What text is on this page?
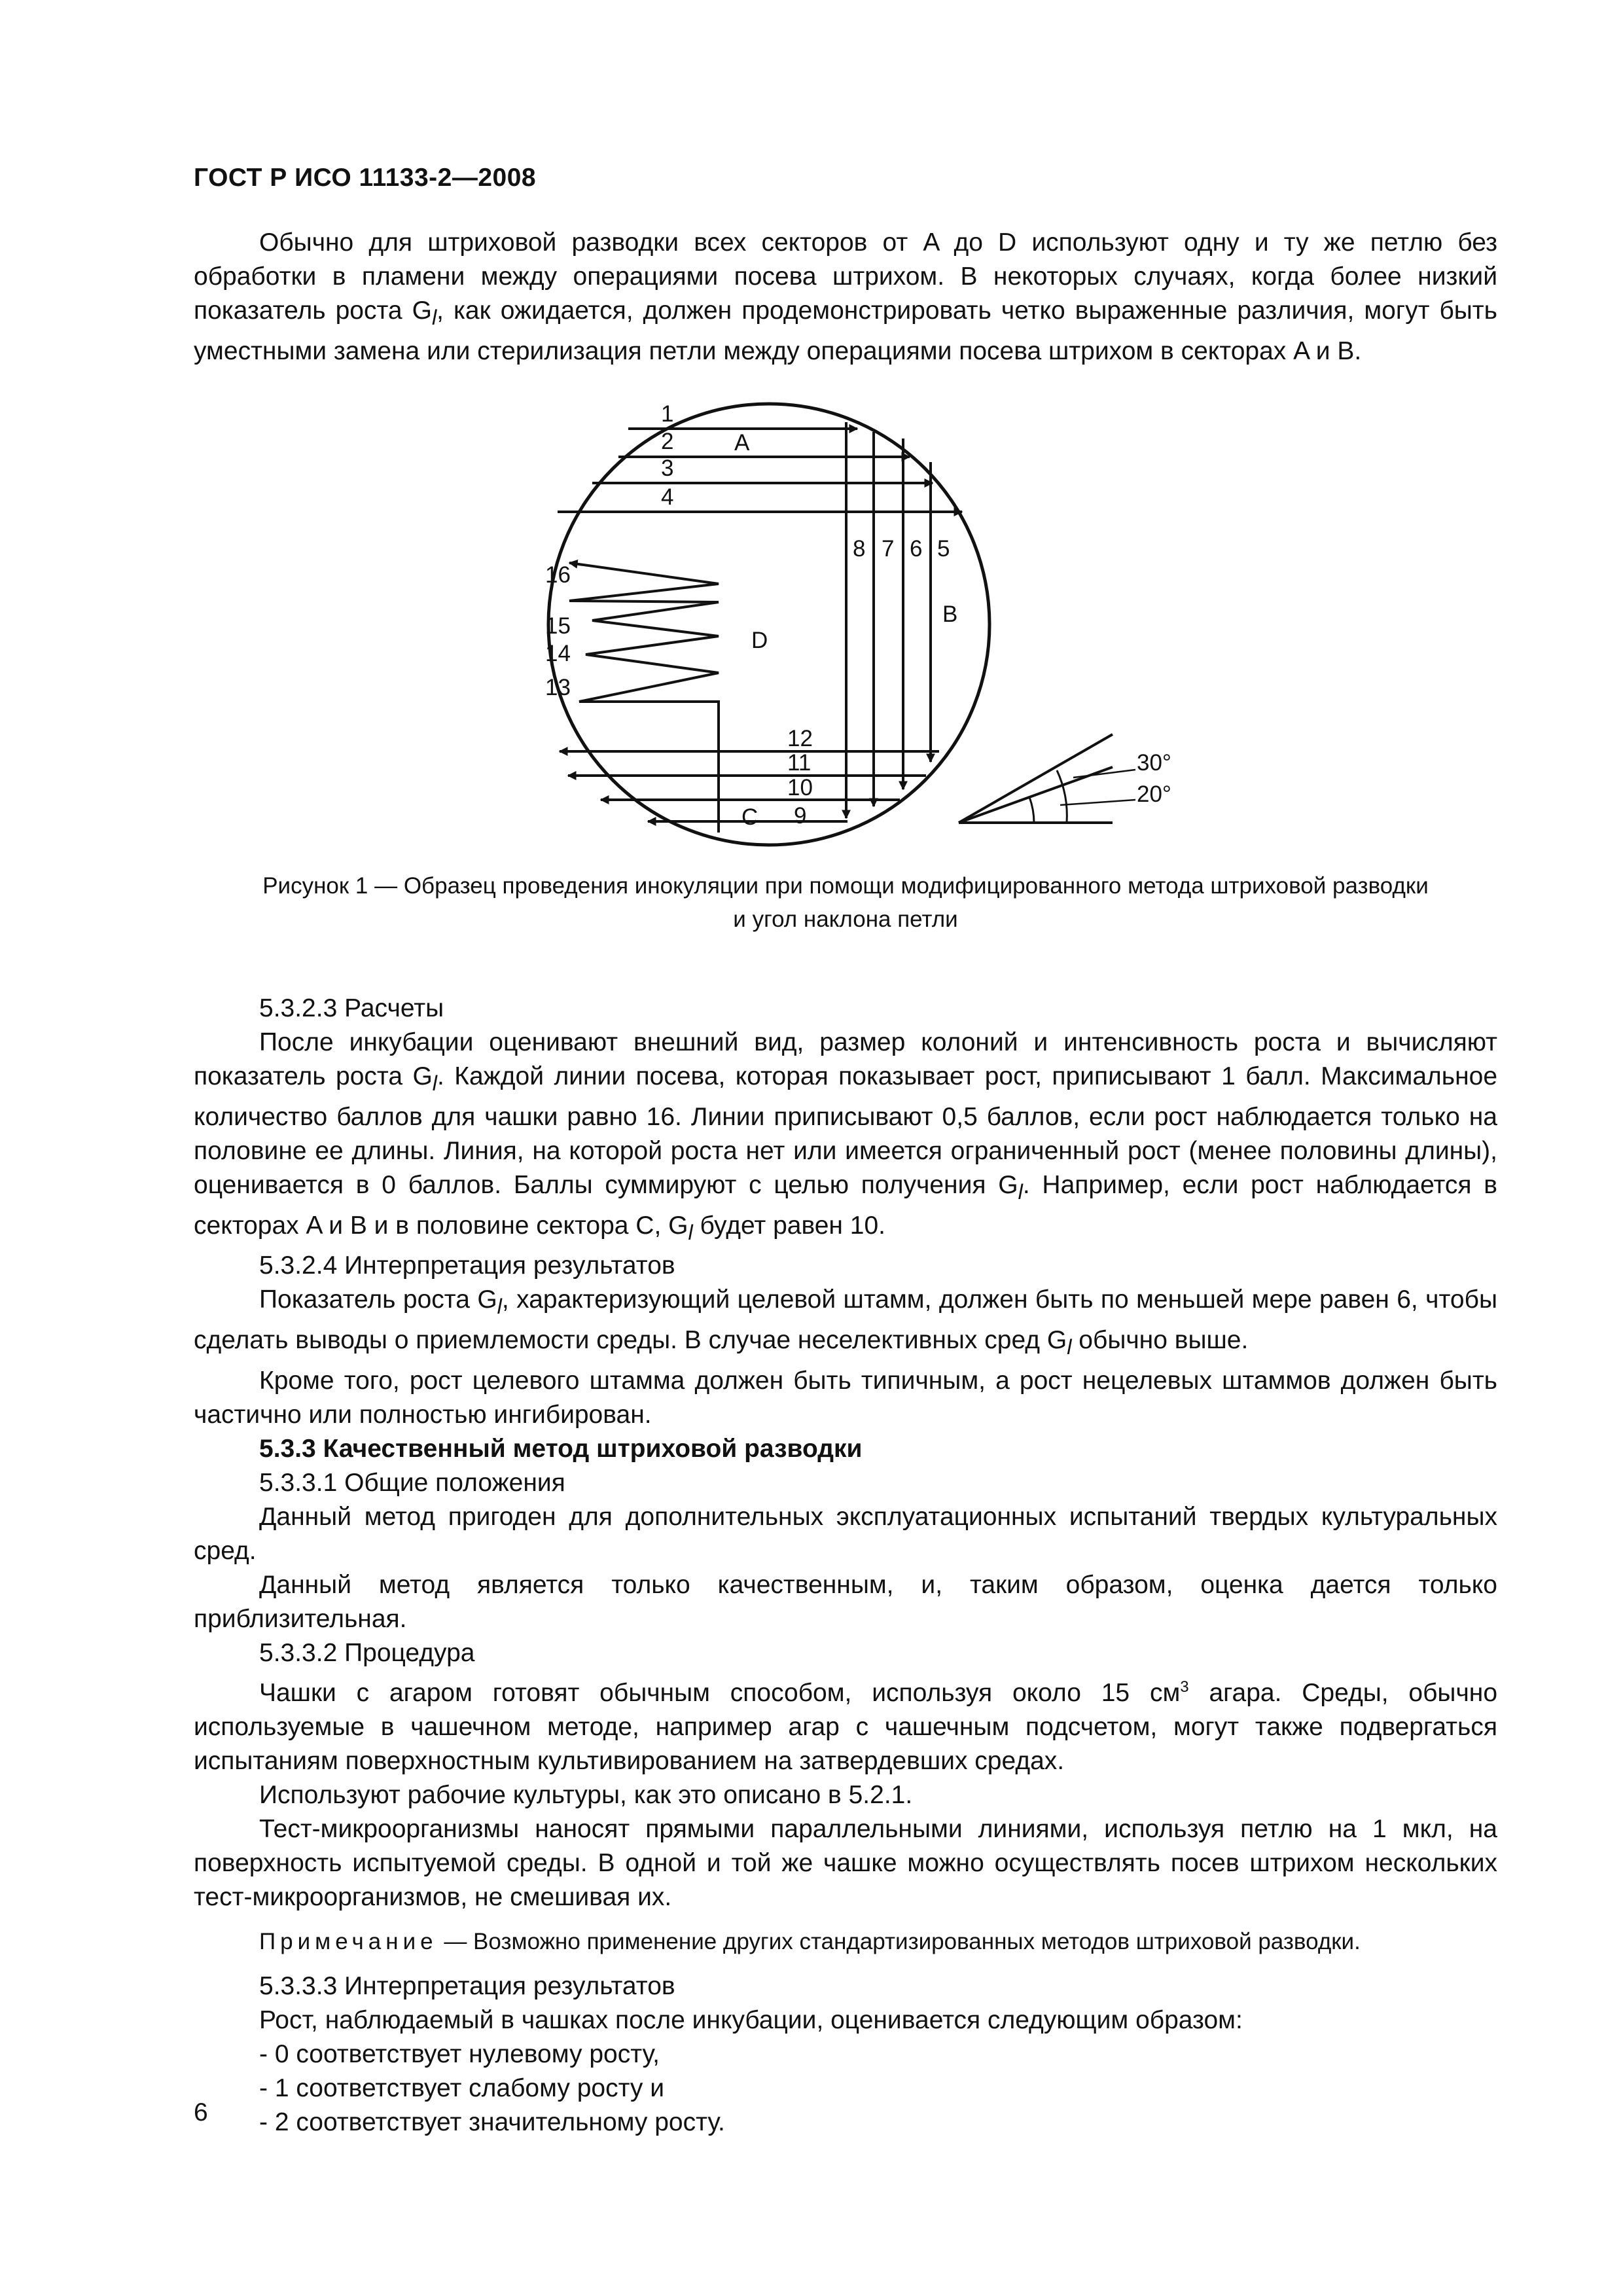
ГОСТ Р ИСО 11133-2—2008

Обычно для штриховой разводки всех секторов от A до D используют одну и ту же петлю без обработки в пламени между операциями посева штрихом. В некоторых случаях, когда более низкий показатель роста $G_l$, как ожидается, должен продемонстрировать четко выраженные различия, могут быть уместными замена или стерилизация петли между операциями посева штрихом в секторах A и B.

1
2
3
4
5
6
7
8
9
10
11
12
13
14
15
16
A
B
C
D
30°
20°
Рисунок 1 — Образец проведения инокуляции при помощи модифицированного метода штриховой разводки
и угол наклона петли

5.3.2.3 Расчеты

После инкубации оценивают внешний вид, размер колоний и интенсивность роста и вычисляют показатель роста $G_l$. Каждой линии посева, которая показывает рост, приписывают 1 балл. Максимальное количество баллов для чашки равно 16. Линии приписывают 0,5 баллов, если рост наблюдается только на половине ее длины. Линия, на которой роста нет или имеется ограниченный рост (менее половины длины), оценивается в 0 баллов. Баллы суммируют с целью получения $G_l$. Например, если рост наблюдается в секторах A и B и в половине сектора C, $G_l$ будет равен 10.

5.3.2.4 Интерпретация результатов

Показатель роста $G_l$, характеризующий целевой штамм, должен быть по меньшей мере равен 6, чтобы сделать выводы о приемлемости среды. В случае неселективных сред $G_l$ обычно выше.

Кроме того, рост целевого штамма должен быть типичным, а рост нецелевых штаммов должен быть частично или полностью ингибирован.

5.3.3 Качественный метод штриховой разводки

5.3.3.1 Общие положения

Данный метод пригоден для дополнительных эксплуатационных испытаний твердых культуральных сред.

Данный метод является только качественным, и, таким образом, оценка дается только приблизительная.

5.3.3.2 Процедура

Чашки с агаром готовят обычным способом, используя около 15 $см^3$ агара. Среды, обычно используемые в чашечном методе, например агар с чашечным подсчетом, могут также подвергаться испытаниям поверхностным культивированием на затвердевших средах.

Используют рабочие культуры, как это описано в 5.2.1.

Тест-микроорганизмы наносят прямыми параллельными линиями, используя петлю на 1 мкл, на поверхность испытуемой среды. В одной и той же чашке можно осуществлять посев штрихом нескольких тест-микроорганизмов, не смешивая их.

Примечание — Возможно применение других стандартизированных методов штриховой разводки.

5.3.3.3 Интерпретация результатов

Рост, наблюдаемый в чашках после инкубации, оценивается следующим образом:

- 0 соответствует нулевому росту,

- 1 соответствует слабому росту и

- 2 соответствует значительному росту.

6
